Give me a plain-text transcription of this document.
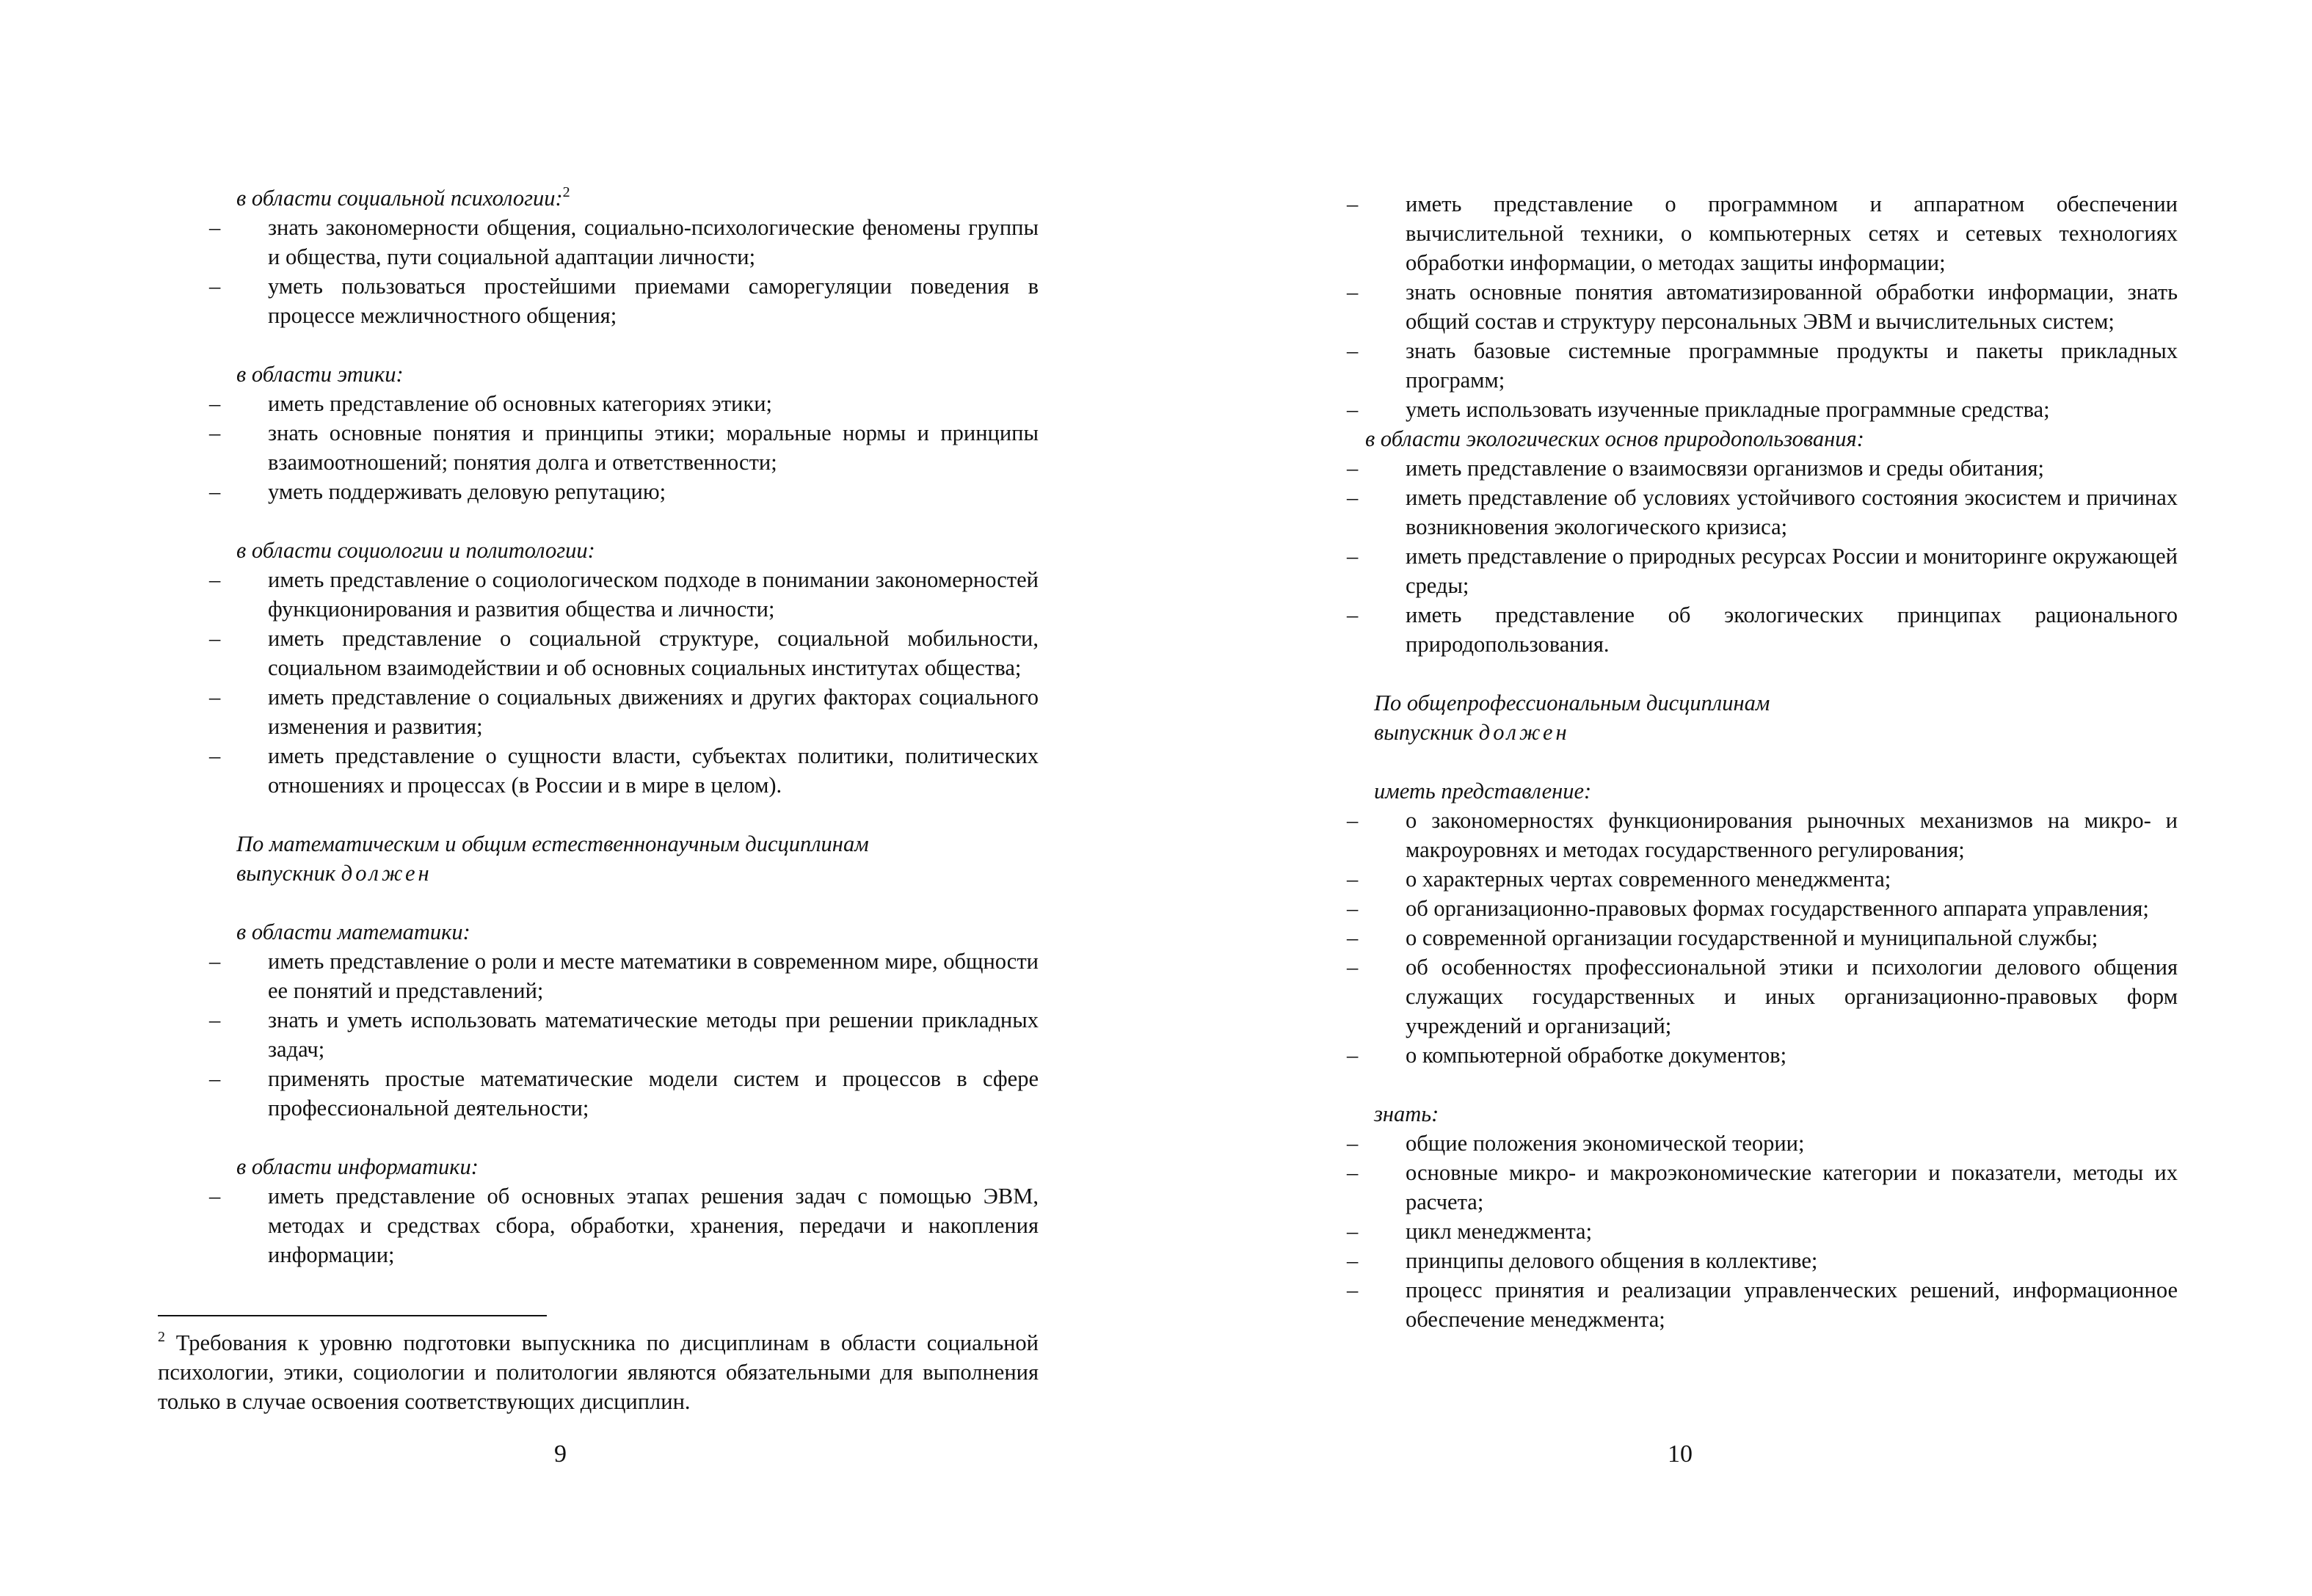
в области социальной психологии:$^2$

– знать закономерности общения, социально-психологические феномены группы и общества, пути социальной адаптации личности;
– уметь пользоваться простейшими приемами саморегуляции поведения в процессе межличностного общения;

в области этики:

– иметь представление об основных категориях этики;
– знать основные понятия и принципы этики; моральные нормы и принципы взаимоотношений; понятия долга и ответственности;
– уметь поддерживать деловую репутацию;

в области социологии и политологии:

– иметь представление о социологическом подходе в понимании закономерностей функционирования и развития общества и личности;
– иметь представление о социальной структуре, социальной мобильности, социальном взаимодействии и об основных социальных институтах общества;
– иметь представление о социальных движениях и других факторах социального изменения и развития;
– иметь представление о сущности власти, субъектах политики, политических отношениях и процессах (в России и в мире в целом).

По математическим и общим естественнонаучным дисциплинам

выпускник должен

в области математики:

– иметь представление о роли и месте математики в современном мире, общности ее понятий и представлений;
– знать и уметь использовать математические методы при решении прикладных задач;
– применять простые математические модели систем и процессов в сфере профессиональной деятельности;

в области информатики:

– иметь представление об основных этапах решения задач с помощью ЭВМ, методах и средствах сбора, обработки, хранения, передачи и накопления информации;
$^2$ Требования к уровню подготовки выпускника по дисциплинам в области социальной психологии, этики, социологии и политологии являются обязательными для выполнения только в случае освоения соответствующих дисциплин.
9
– иметь представление о программном и аппаратном обеспечении вычислительной техники, о компьютерных сетях и сетевых технологиях обработки информации, о методах защиты информации;
– знать основные понятия автоматизированной обработки информации, знать общий состав и структуру персональных ЭВМ и вычислительных систем;
– знать базовые системные программные продукты и пакеты прикладных программ;
– уметь использовать изученные прикладные программные средства;

в области экологических основ природопользования:

– иметь представление о взаимосвязи организмов и среды обитания;
– иметь представление об условиях устойчивого состояния экосистем и причинах возникновения экологического кризиса;
– иметь представление о природных ресурсах России и мониторинге окружающей среды;
– иметь представление об экологических принципах рационального природопользования.

По общепрофессиональным дисциплинам

выпускник должен

иметь представление:

– о закономерностях функционирования рыночных механизмов на микро- и макроуровнях и методах государственного регулирования;
– о характерных чертах современного менеджмента;
– об организационно-правовых формах государственного аппарата управления;
– о современной организации государственной и муниципальной службы;
– об особенностях профессиональной этики и психологии делового общения служащих государственных и иных организационно-правовых форм учреждений и организаций;
– о компьютерной обработке документов;

знать:

– общие положения экономической теории;
– основные микро- и макроэкономические категории и показатели, методы их расчета;
– цикл менеджмента;
– принципы делового общения в коллективе;
– процесс принятия и реализации управленческих решений, информационное обеспечение менеджмента;
10
